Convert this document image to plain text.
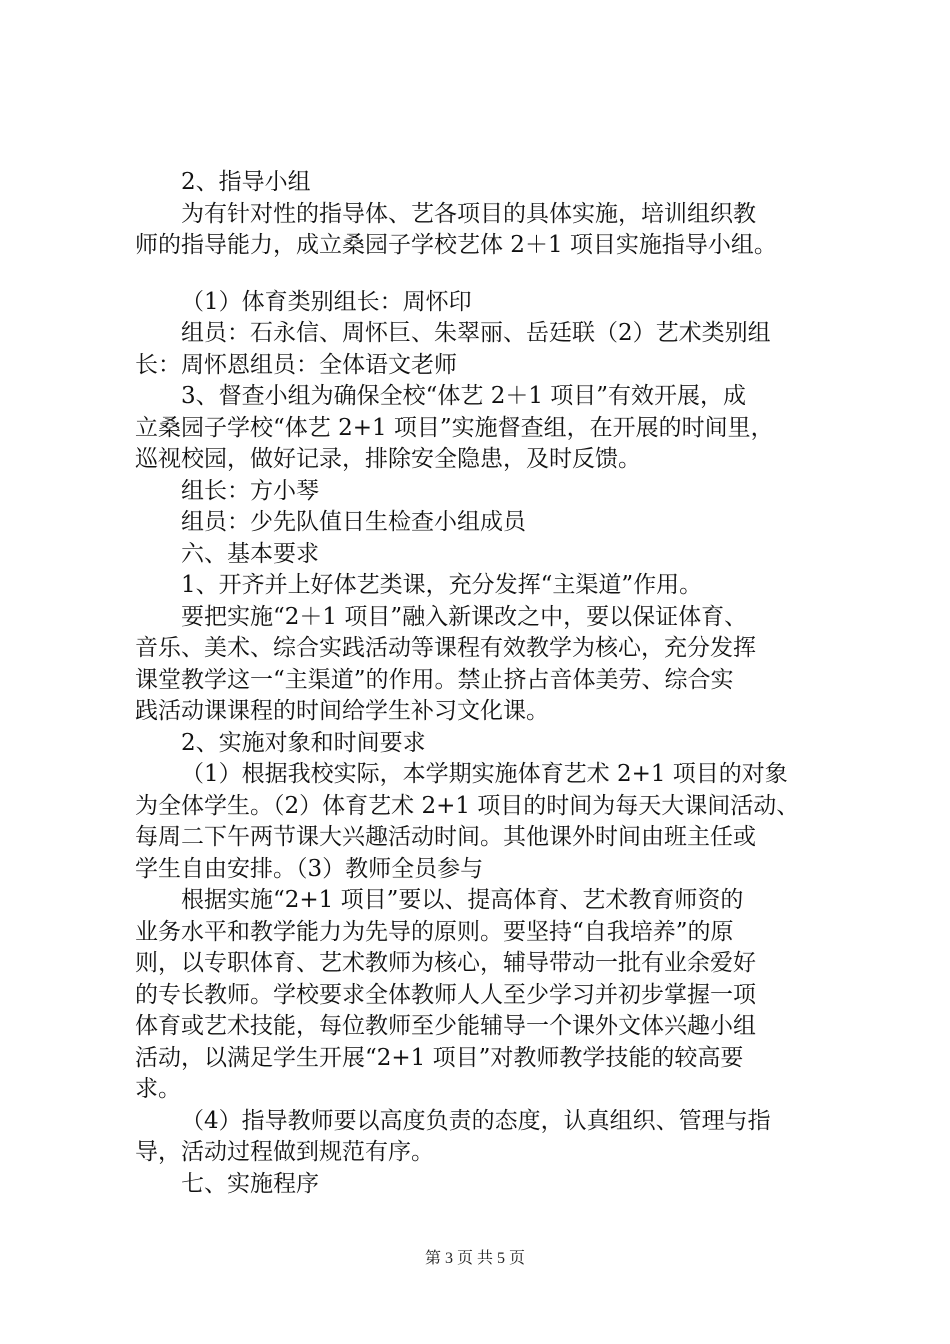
2、指导小组
为有针对性的指导体、艺各项目的具体实施，培训组织教
师的指导能力，成立桑园子学校艺体 2＋1 项目实施指导小组。
（1）体育类别组长：周怀印
组员：石永信、周怀巨、朱翠丽、岳廷联（2）艺术类别组
长：周怀恩组员：全体语文老师
3、督查小组为确保全校“体艺 2＋1 项目”有效开展，成
立桑园子学校“体艺 2+1 项目”实施督查组，在开展的时间里，
巡视校园，做好记录，排除安全隐患，及时反馈。
组长：方小琴
组员：少先队值日生检查小组成员
六、基本要求
1、开齐并上好体艺类课，充分发挥“主渠道”作用。
要把实施“2＋1 项目”融入新课改之中，要以保证体育、
音乐、美术、综合实践活动等课程有效教学为核心，充分发挥
课堂教学这一“主渠道”的作用。禁止挤占音体美劳、综合实
践活动课课程的时间给学生补习文化课。
2、实施对象和时间要求
（1）根据我校实际，本学期实施体育艺术 2+1 项目的对象
为全体学生。（2）体育艺术 2+1 项目的时间为每天大课间活动、
每周二下午两节课大兴趣活动时间。其他课外时间由班主任或
学生自由安排。（3）教师全员参与
根据实施“2+1 项目”要以、提高体育、艺术教育师资的
业务水平和教学能力为先导的原则。要坚持“自我培养”的原
则，以专职体育、艺术教师为核心，辅导带动一批有业余爱好
的专长教师。学校要求全体教师人人至少学习并初步掌握一项
体育或艺术技能，每位教师至少能辅导一个课外文体兴趣小组
活动，以满足学生开展“2+1 项目”对教师教学技能的较高要
求。
（4）指导教师要以高度负责的态度，认真组织、管理与指
导，活动过程做到规范有序。
七、实施程序
第 3 页 共 5 页
